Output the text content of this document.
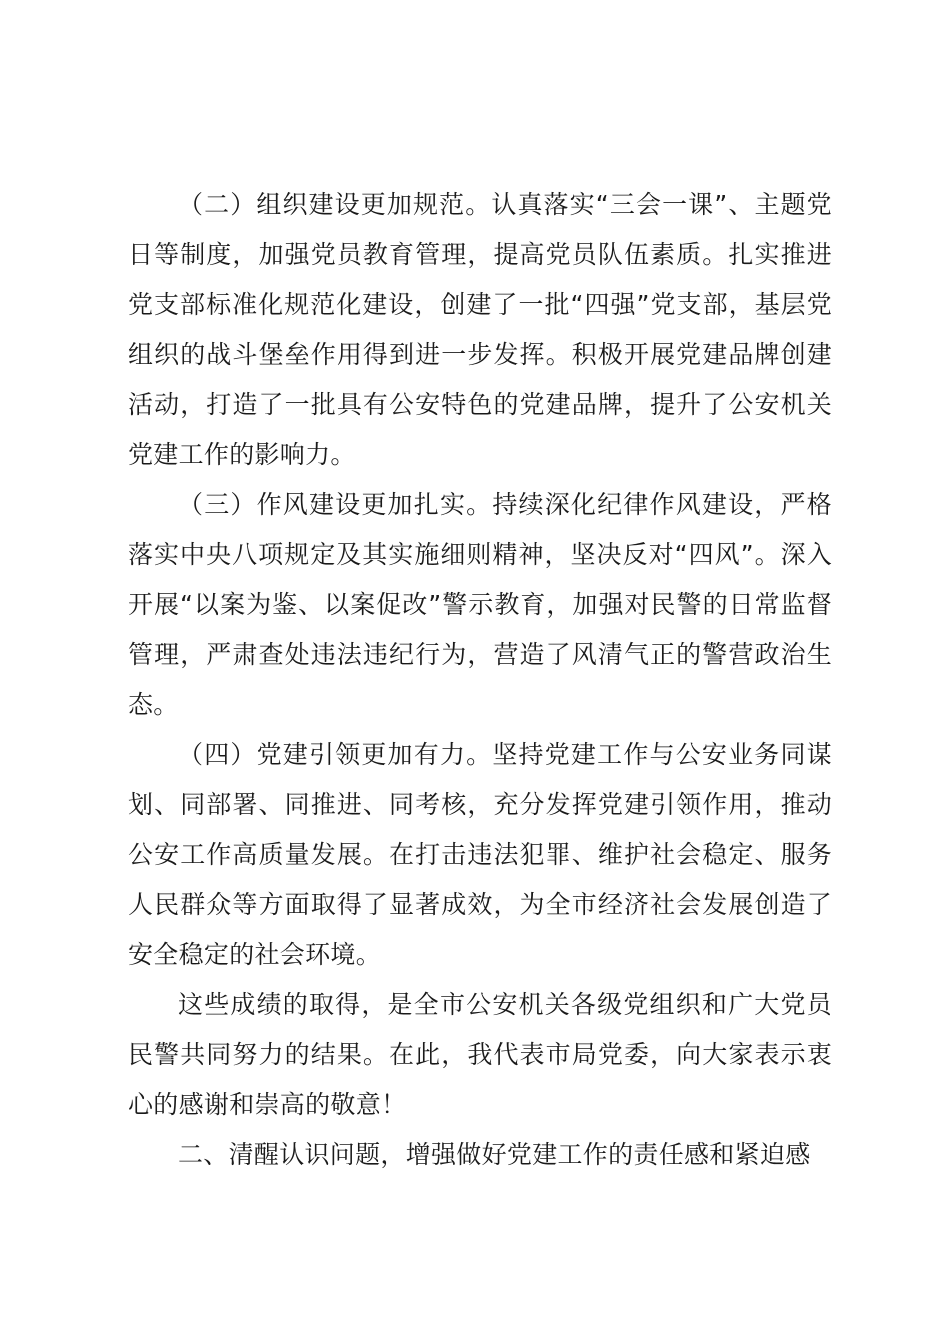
（二）组织建设更加规范。认真落实“三会一课”、主题党日等制度，加强党员教育管理，提高党员队伍素质。扎实推进党支部标准化规范化建设，创建了一批“四强”党支部，基层党组织的战斗堡垒作用得到进一步发挥。积极开展党建品牌创建活动，打造了一批具有公安特色的党建品牌，提升了公安机关党建工作的影响力。

（三）作风建设更加扎实。持续深化纪律作风建设，严格落实中央八项规定及其实施细则精神，坚决反对“四风”。深入开展“以案为鉴、以案促改”警示教育，加强对民警的日常监督管理，严肃查处违法违纪行为，营造了风清气正的警营政治生态。

（四）党建引领更加有力。坚持党建工作与公安业务同谋划、同部署、同推进、同考核，充分发挥党建引领作用，推动公安工作高质量发展。在打击违法犯罪、维护社会稳定、服务人民群众等方面取得了显著成效，为全市经济社会发展创造了安全稳定的社会环境。

这些成绩的取得，是全市公安机关各级党组织和广大党员民警共同努力的结果。在此，我代表市局党委，向大家表示衷心的感谢和崇高的敬意！

二、清醒认识问题，增强做好党建工作的责任感和紧迫感
